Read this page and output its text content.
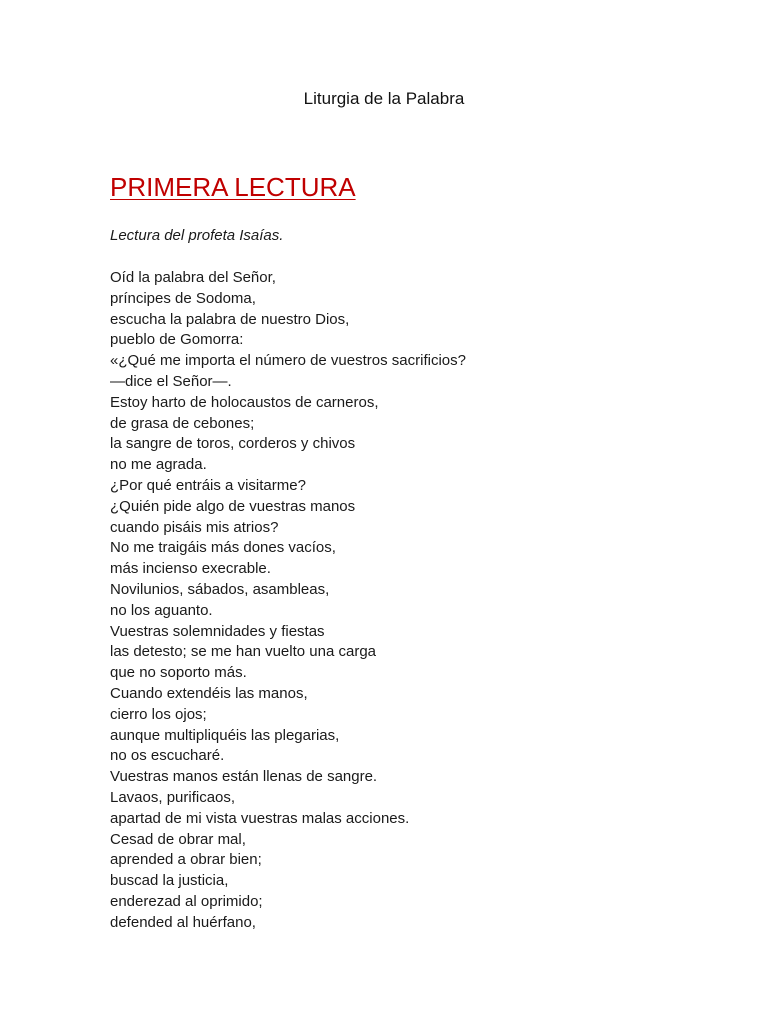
Liturgia de la Palabra
PRIMERA LECTURA
Lectura del profeta Isaías.
Oíd la palabra del Señor,
príncipes de Sodoma,
escucha la palabra de nuestro Dios,
pueblo de Gomorra:
«¿Qué me importa el número de vuestros sacrificios?
—dice el Señor—.
Estoy harto de holocaustos de carneros,
de grasa de cebones;
la sangre de toros, corderos y chivos
no me agrada.
¿Por qué entráis a visitarme?
¿Quién pide algo de vuestras manos
cuando pisáis mis atrios?
No me traigáis más dones vacíos,
más incienso execrable.
Novilunios, sábados, asambleas,
no los aguanto.
Vuestras solemnidades y fiestas
las detesto; se me han vuelto una carga
que no soporto más.
Cuando extendéis las manos,
cierro los ojos;
aunque multipliquéis las plegarias,
no os escucharé.
Vuestras manos están llenas de sangre.
Lavaos, purificaos,
apartad de mi vista vuestras malas acciones.
Cesad de obrar mal,
aprended a obrar bien;
buscad la justicia,
enderezad al oprimido;
defended al huérfano,
